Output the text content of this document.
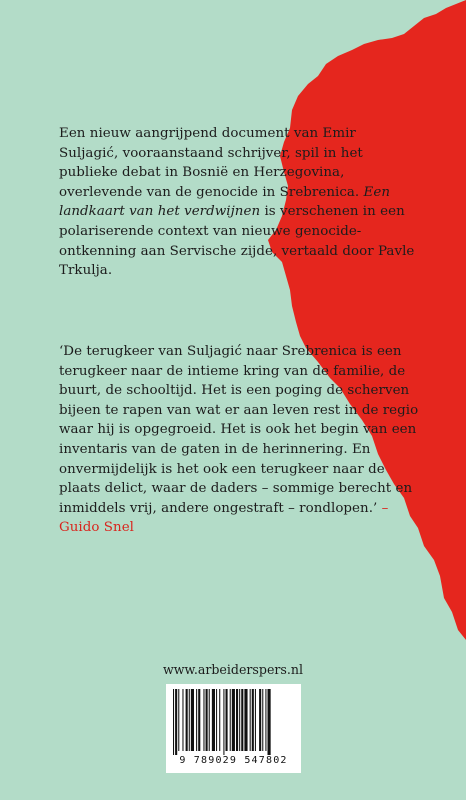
Een nieuw aangrijpend document van Emir Suljagić, vooraanstaand schrijver, spil in het publieke debat in Bosnië en Herzegovina, overlevende van de genocide in Srebrenica. Een landkaart van het verdwijnen is verschenen in een polariserende context van nieuwe genocide-ontkenning aan Servische zijde, vertaald door Pavle Trkulja.

‘De terugkeer van Suljagić naar Srebrenica is een terugkeer naar de intieme kring van de familie, de buurt, de schooltijd. Het is een poging de scherven bijeen te rapen van wat er aan leven rest in de regio waar hij is opgegroeid. Het is ook het begin van een inventaris van de gaten in de herinnering. En onvermijdelijk is het ook een terugkeer naar de plaats delict, waar de daders – sommige berecht en inmiddels vrij, andere ongestraft – rondlopen.’ – Guido Snel

www.arbeiderspers.nl
9 789029 547802
